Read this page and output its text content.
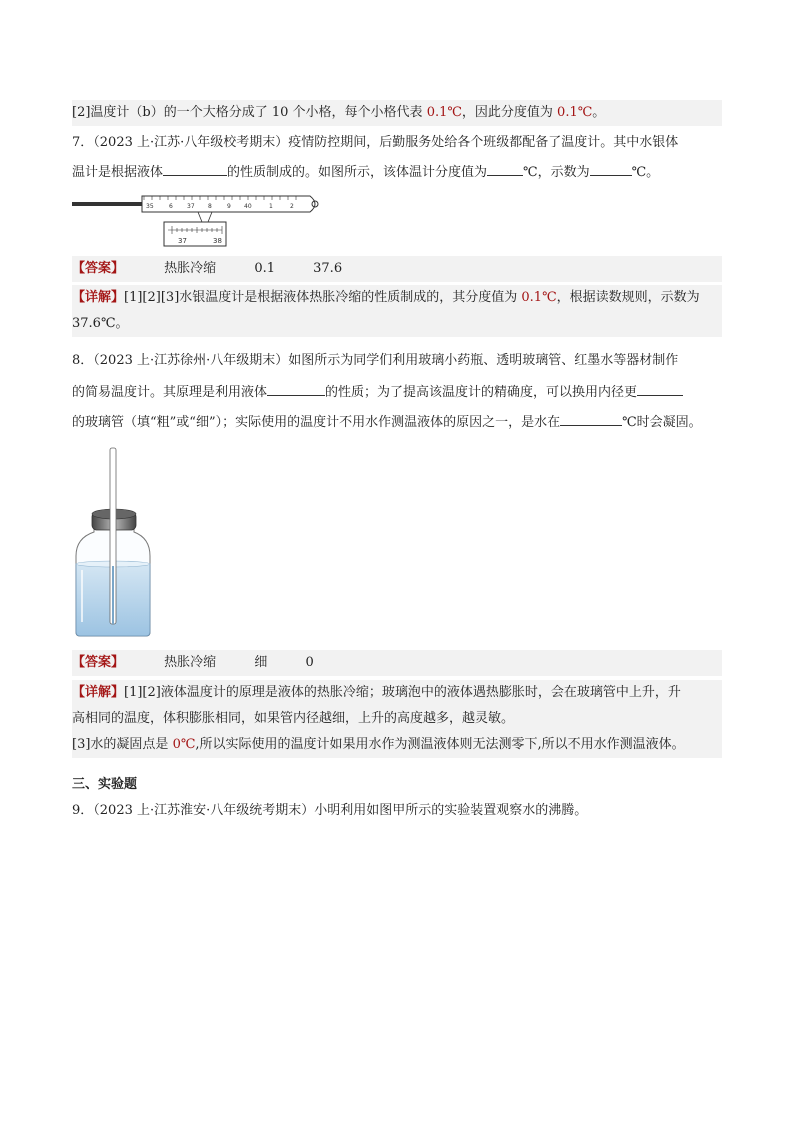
[2]温度计（b）的一个大格分成了 10 个小格，每个小格代表 0.1℃，因此分度值为 0.1℃。
7．（2023 上·江苏·八年级校考期末）疫情防控期间，后勤服务处给各个班级都配备了温度计。其中水银体
温计是根据液体	的性质制成的。如图所示，该体温计分度值为	℃，示数为	℃。
35	6 37 8	9 40	1	2
37	38
【答案】	热胀冷缩	0.1	37.6
【详解】[1][2][3]水银温度计是根据液体热胀冷缩的性质制成的，其分度值为 0.1℃，根据读数规则，示数为
37.6℃。
8．（2023 上·江苏徐州·八年级期末）如图所示为同学们利用玻璃小药瓶、透明玻璃管、红墨水等器材制作
的简易温度计。其原理是利用液体	的性质；为了提高该温度计的精确度，可以换用内径更
的玻璃管（填“粗”或“细”）；实际使用的温度计不用水作测温液体的原因之一，是水在	℃时会凝固。
【答案】	热胀冷缩	细	0
【详解】[1][2]液体温度计的原理是液体的热胀冷缩；玻璃泡中的液体遇热膨胀时，会在玻璃管中上升，升
高相同的温度，体积膨胀相同，如果管内径越细，上升的高度越多，越灵敏。
[3]水的凝固点是 0℃,所以实际使用的温度计如果用水作为测温液体则无法测零下,所以不用水作测温液体。
三、实验题
9．（2023 上·江苏淮安·八年级统考期末）小明利用如图甲所示的实验装置观察水的沸腾。
